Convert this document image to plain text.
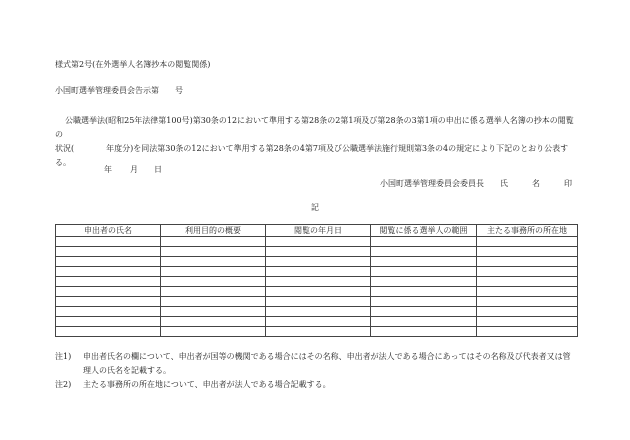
様式第2号(在外選挙人名簿抄本の閲覧関係)
小国町選挙管理委員会告示第　　号
公職選挙法(昭和25年法律第100号)第30条の12において準用する第28条の2第1項及び第28条の3第1項の申出に係る選挙人名簿の抄本の閲覧の
状況(　　　　年度分)を同法第30条の12において準用する第28条の4第7項及び公職選挙法施行規則第3条の4の規定により下記のとおり公表す
る。
年 月 日
小国町選挙管理委員会委員長　　氏　　　名　　　印
記
申出者の氏名	利用目的の概要	閲覧の年月日	閲覧に係る選挙人の範囲	主たる事務所の所在地

注1) 申出者氏名の欄について、申出者が国等の機関である場合にはその名称、申出者が法人である場合にあってはその名称及び代表者又は管
理人の氏名を記載する。
注2) 主たる事務所の所在地について、申出者が法人である場合記載する。
